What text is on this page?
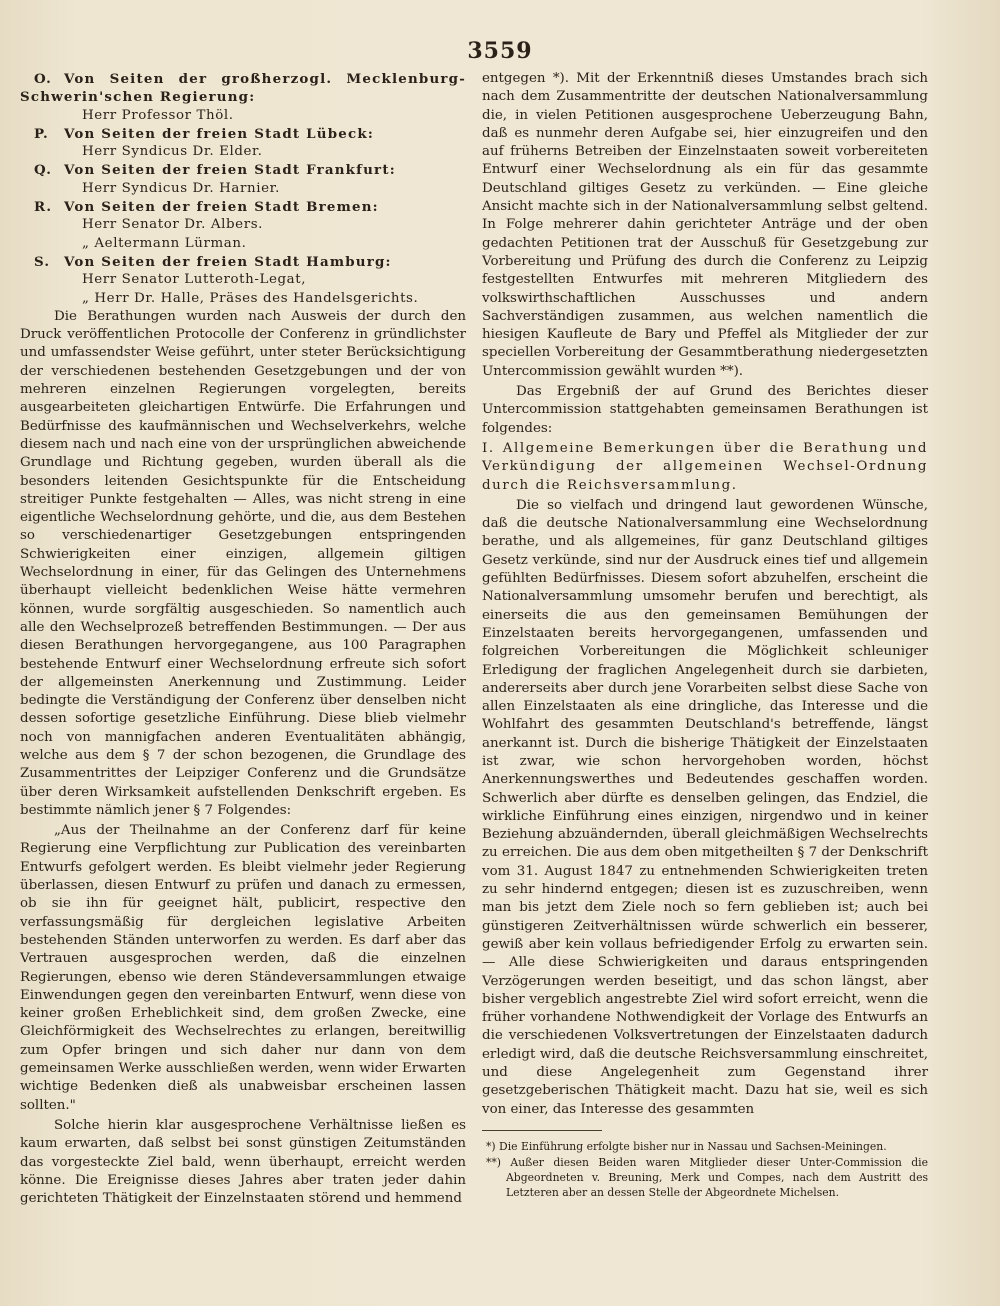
3559

O. Von Seiten der großherzogl. Mecklenburg-Schwerin'schen Regierung:

Herr Professor Thöl.

P. Von Seiten der freien Stadt Lübeck:

Herr Syndicus Dr. Elder.

Q. Von Seiten der freien Stadt Frankfurt:

Herr Syndicus Dr. Harnier.

R. Von Seiten der freien Stadt Bremen:

Herr Senator Dr. Albers.

„ Aeltermann Lürman.

S. Von Seiten der freien Stadt Hamburg:

Herr Senator Lutteroth-Legat,

„ Herr Dr. Halle, Präses des Handelsgerichts.

Die Berathungen wurden nach Ausweis der durch den Druck veröffentlichen Protocolle der Conferenz in gründlichster und umfassendster Weise geführt, unter steter Berücksichtigung der verschiedenen bestehenden Gesetzgebungen und der von mehreren einzelnen Regierungen vorgelegten, bereits ausgearbeiteten gleichartigen Entwürfe. Die Erfahrungen und Bedürfnisse des kaufmännischen und Wechselverkehrs, welche diesem nach und nach eine von der ursprünglichen abweichende Grundlage und Richtung gegeben, wurden überall als die besonders leitenden Gesichtspunkte für die Entscheidung streitiger Punkte festgehalten — Alles, was nicht streng in eine eigentliche Wechselordnung gehörte, und die, aus dem Bestehen so verschiedenartiger Gesetzgebungen entspringenden Schwierigkeiten einer einzigen, allgemein giltigen Wechselordnung in einer, für das Gelingen des Unternehmens überhaupt vielleicht bedenklichen Weise hätte vermehren können, wurde sorgfältig ausgeschieden. So namentlich auch alle den Wechselprozeß betreffenden Bestimmungen. — Der aus diesen Berathungen hervorgegangene, aus 100 Paragraphen bestehende Entwurf einer Wechselordnung erfreute sich sofort der allgemeinsten Anerkennung und Zustimmung. Leider bedingte die Verständigung der Conferenz über denselben nicht dessen sofortige gesetzliche Einführung. Diese blieb vielmehr noch von mannigfachen anderen Eventualitäten abhängig, welche aus dem § 7 der schon bezogenen, die Grundlage des Zusammentrittes der Leipziger Conferenz und die Grundsätze über deren Wirksamkeit aufstellenden Denkschrift ergeben. Es bestimmte nämlich jener § 7 Folgendes:

„Aus der Theilnahme an der Conferenz darf für keine Regierung eine Verpflichtung zur Publication des vereinbarten Entwurfs gefolgert werden. Es bleibt vielmehr jeder Regierung überlassen, diesen Entwurf zu prüfen und danach zu ermessen, ob sie ihn für geeignet hält, publicirt, respective den verfassungsmäßig für dergleichen legislative Arbeiten bestehenden Ständen unterworfen zu werden. Es darf aber das Vertrauen ausgesprochen werden, daß die einzelnen Regierungen, ebenso wie deren Ständeversammlungen etwaige Einwendungen gegen den vereinbarten Entwurf, wenn diese von keiner großen Erheblichkeit sind, dem großen Zwecke, eine Gleichförmigkeit des Wechselrechtes zu erlangen, bereitwillig zum Opfer bringen und sich daher nur dann von dem gemeinsamen Werke ausschließen werden, wenn wider Erwarten wichtige Bedenken dieß als unabweisbar erscheinen lassen sollten."

Solche hierin klar ausgesprochene Verhältnisse ließen es kaum erwarten, daß selbst bei sonst günstigen Zeitumständen das vorgesteckte Ziel bald, wenn überhaupt, erreicht werden könne. Die Ereignisse dieses Jahres aber traten jeder dahin gerichteten Thätigkeit der Einzelnstaaten störend und hemmend

entgegen *). Mit der Erkenntniß dieses Umstandes brach sich nach dem Zusammentritte der deutschen Nationalversammlung die, in vielen Petitionen ausgesprochene Ueberzeugung Bahn, daß es nunmehr deren Aufgabe sei, hier einzugreifen und den auf früherns Betreiben der Einzelnstaaten soweit vorbereiteten Entwurf einer Wechselordnung als ein für das gesammte Deutschland giltiges Gesetz zu verkünden. — Eine gleiche Ansicht machte sich in der Nationalversammlung selbst geltend. In Folge mehrerer dahin gerichteter Anträge und der oben gedachten Petitionen trat der Ausschuß für Gesetzgebung zur Vorbereitung und Prüfung des durch die Conferenz zu Leipzig festgestellten Entwurfes mit mehreren Mitgliedern des volkswirthschaftlichen Ausschusses und andern Sachverständigen zusammen, aus welchen namentlich die hiesigen Kaufleute de Bary und Pfeffel als Mitglieder der zur speciellen Vorbereitung der Gesammtberathung niedergesetzten Untercommission gewählt wurden **).

Das Ergebniß der auf Grund des Berichtes dieser Untercommission stattgehabten gemeinsamen Berathungen ist folgendes:

I. Allgemeine Bemerkungen über die Berathung und Verkündigung der allgemeinen Wechsel-Ordnung durch die Reichsversammlung.

Die so vielfach und dringend laut gewordenen Wünsche, daß die deutsche Nationalversammlung eine Wechselordnung berathe, und als allgemeines, für ganz Deutschland giltiges Gesetz verkünde, sind nur der Ausdruck eines tief und allgemein gefühlten Bedürfnisses. Diesem sofort abzuhelfen, erscheint die Nationalversammlung umsomehr berufen und berechtigt, als einerseits die aus den gemeinsamen Bemühungen der Einzelstaaten bereits hervorgegangenen, umfassenden und folgreichen Vorbereitungen die Möglichkeit schleuniger Erledigung der fraglichen Angelegenheit durch sie darbieten, andererseits aber durch jene Vorarbeiten selbst diese Sache von allen Einzelstaaten als eine dringliche, das Interesse und die Wohlfahrt des gesammten Deutschland's betreffende, längst anerkannt ist. Durch die bisherige Thätigkeit der Einzelstaaten ist zwar, wie schon hervorgehoben worden, höchst Anerkennungswerthes und Bedeutendes geschaffen worden. Schwerlich aber dürfte es denselben gelingen, das Endziel, die wirkliche Einführung eines einzigen, nirgendwo und in keiner Beziehung abzuändernden, überall gleichmäßigen Wechselrechts zu erreichen. Die aus dem oben mitgetheilten § 7 der Denkschrift vom 31. August 1847 zu entnehmenden Schwierigkeiten treten zu sehr hindernd entgegen; diesen ist es zuzuschreiben, wenn man bis jetzt dem Ziele noch so fern geblieben ist; auch bei günstigeren Zeitverhältnissen würde schwerlich ein besserer, gewiß aber kein vollaus befriedigender Erfolg zu erwarten sein. — Alle diese Schwierigkeiten und daraus entspringenden Verzögerungen werden beseitigt, und das schon längst, aber bisher vergeblich angestrebte Ziel wird sofort erreicht, wenn die früher vorhandene Nothwendigkeit der Vorlage des Entwurfs an die verschiedenen Volksvertretungen der Einzelstaaten dadurch erledigt wird, daß die deutsche Reichsversammlung einschreitet, und diese Angelegenheit zum Gegenstand ihrer gesetzgeberischen Thätigkeit macht. Dazu hat sie, weil es sich von einer, das Interesse des gesammten

*) Die Einführung erfolgte bisher nur in Nassau und Sachsen-Meiningen.

**) Außer diesen Beiden waren Mitglieder dieser Unter-Commission die Abgeordneten v. Breuning, Merk und Compes, nach dem Austritt des Letzteren aber an dessen Stelle der Abgeordnete Michelsen.
